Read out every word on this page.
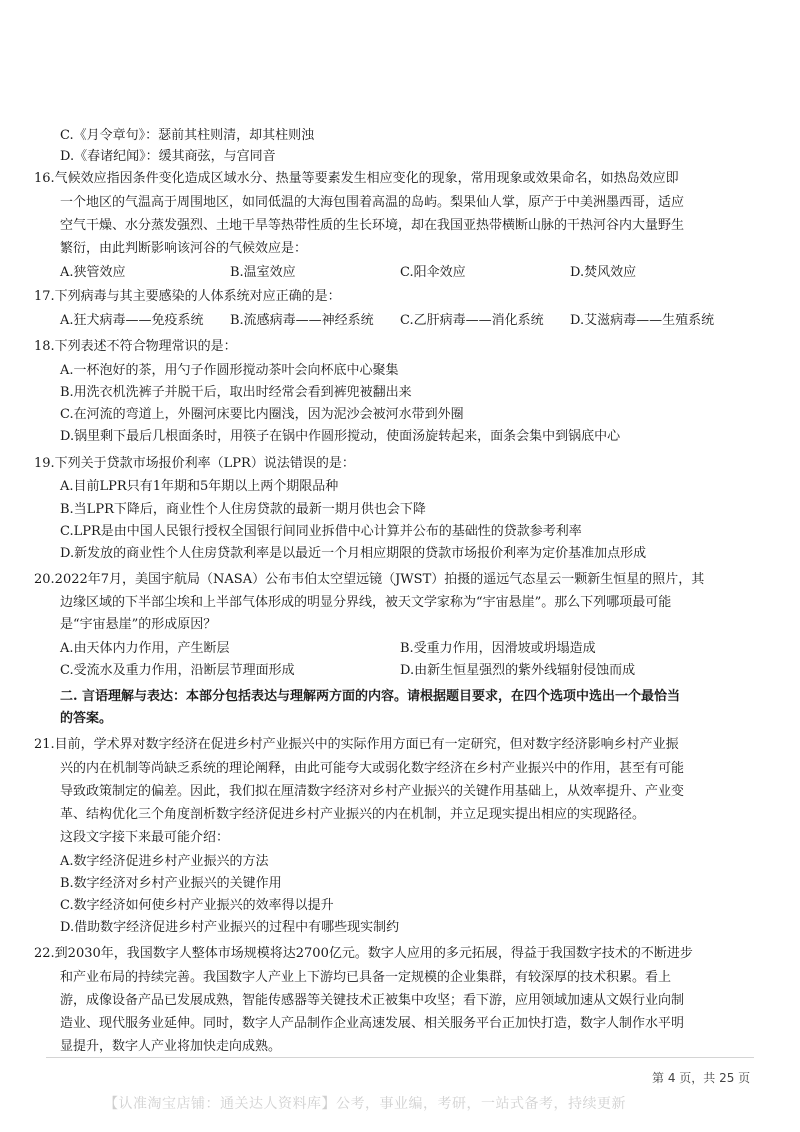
C.《月令章句》：瑟前其柱则清，却其柱则浊
D.《春诸纪闻》：缓其商弦，与宫同音
16.气候效应指因条件变化造成区域水分、热量等要素发生相应变化的现象，常用现象或效果命名，如热岛效应即
一个地区的气温高于周围地区，如同低温的大海包围着高温的岛屿。梨果仙人掌，原产于中美洲墨西哥，适应
空气干燥、水分蒸发强烈、土地干旱等热带性质的生长环境，却在我国亚热带横断山脉的干热河谷内大量野生
繁衍，由此判断影响该河谷的气候效应是：
A.狭管效应	B.温室效应	C.阳伞效应	D.焚风效应
17.下列病毒与其主要感染的人体系统对应正确的是：
A.狂犬病毒——免疫系统 B.流感病毒——神经系统 C.乙肝病毒——消化系统 D.艾滋病毒——生殖系统
18.下列表述不符合物理常识的是：
A.一杯泡好的茶，用勺子作圆形搅动茶叶会向杯底中心聚集
B.用洗衣机洗裤子并脱干后，取出时经常会看到裤兜被翻出来
C.在河流的弯道上，外圈河床要比内圈浅，因为泥沙会被河水带到外圈
D.锅里剩下最后几根面条时，用筷子在锅中作圆形搅动，使面汤旋转起来，面条会集中到锅底中心
19.下列关于贷款市场报价利率（LPR）说法错误的是：
A.目前LPR只有1年期和5年期以上两个期限品种
B.当LPR下降后，商业性个人住房贷款的最新一期月供也会下降
C.LPR是由中国人民银行授权全国银行间同业拆借中心计算并公布的基础性的贷款参考利率
D.新发放的商业性个人住房贷款利率是以最近一个月相应期限的贷款市场报价利率为定价基准加点形成
20.2022年7月，美国宇航局（NASA）公布韦伯太空望远镜（JWST）拍摄的遥远气态星云一颗新生恒星的照片，其
边缘区域的下半部尘埃和上半部气体形成的明显分界线，被天文学家称为“宇宙悬崖”。那么下列哪项最可能
是“宇宙悬崖”的形成原因？
A.由天体内力作用，产生断层	B.受重力作用，因滑坡或坍塌造成
C.受流水及重力作用，沿断层节理面形成	D.由新生恒星强烈的紫外线辐射侵蚀而成
二. 言语理解与表达：本部分包括表达与理解两方面的内容。请根据题目要求，在四个选项中选出一个最恰当
的答案。
21.目前，学术界对数字经济在促进乡村产业振兴中的实际作用方面已有一定研究，但对数字经济影响乡村产业振
兴的内在机制等尚缺乏系统的理论阐释，由此可能夸大或弱化数字经济在乡村产业振兴中的作用，甚至有可能
导致政策制定的偏差。因此，我们拟在厘清数字经济对乡村产业振兴的关键作用基础上，从效率提升、产业变
革、结构优化三个角度剖析数字经济促进乡村产业振兴的内在机制，并立足现实提出相应的实现路径。
这段文字接下来最可能介绍：
A.数字经济促进乡村产业振兴的方法
B.数字经济对乡村产业振兴的关键作用
C.数字经济如何使乡村产业振兴的效率得以提升
D.借助数字经济促进乡村产业振兴的过程中有哪些现实制约
22.到2030年，我国数字人整体市场规模将达2700亿元。数字人应用的多元拓展，得益于我国数字技术的不断进步
和产业布局的持续完善。我国数字人产业上下游均已具备一定规模的企业集群，有较深厚的技术积累。看上
游，成像设备产品已发展成熟，智能传感器等关键技术正被集中攻坚；看下游，应用领域加速从文娱行业向制
造业、现代服务业延伸。同时，数字人产品制作企业高速发展、相关服务平台正加快打造，数字人制作水平明
显提升，数字人产业将加快走向成熟。
第 4 页，共 25 页
【认准淘宝店铺：通关达人资料库】公考，事业编，考研，一站式备考，持续更新
